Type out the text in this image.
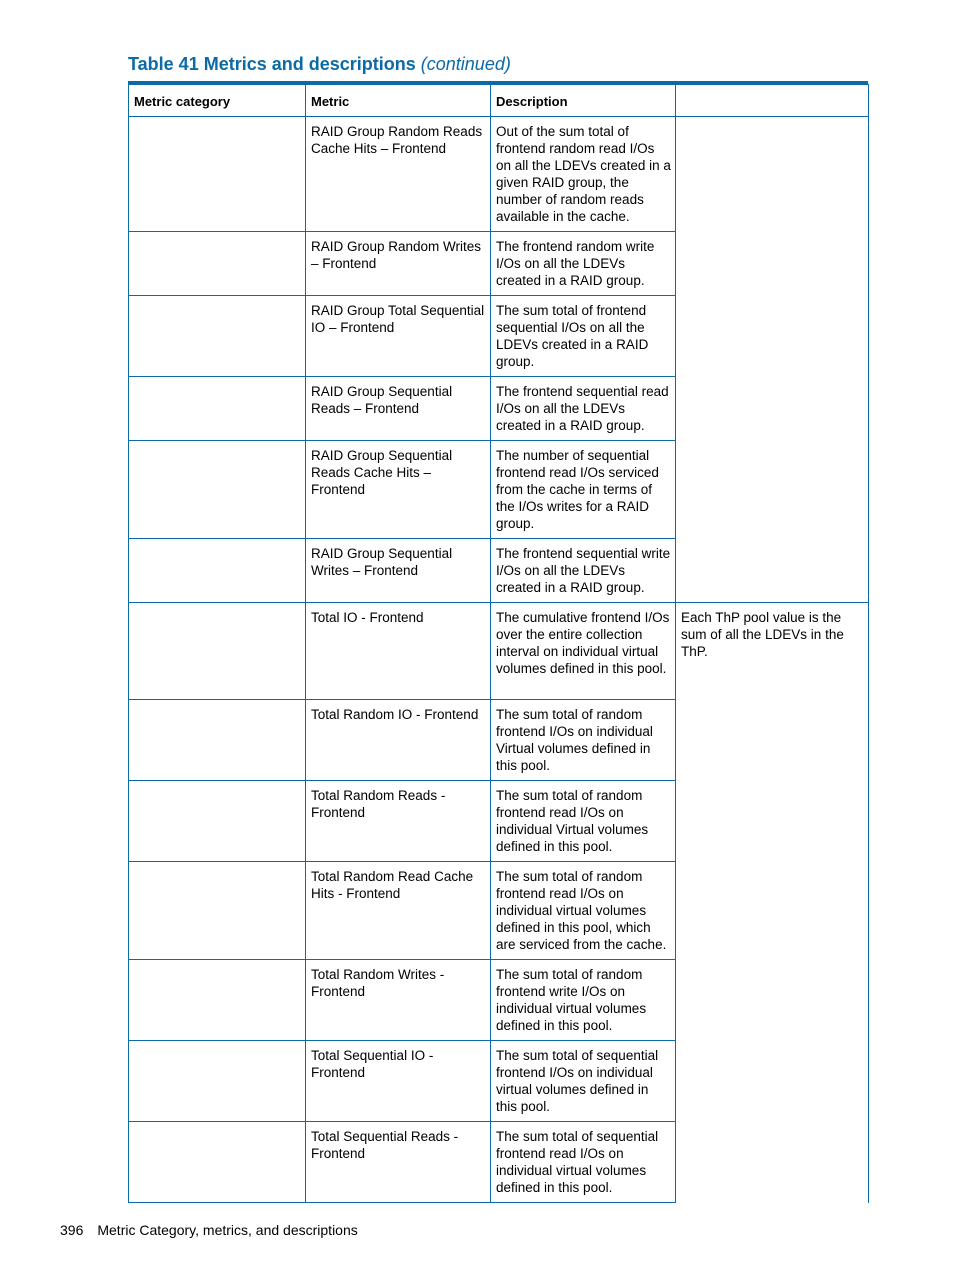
Table 41 Metrics and descriptions (continued)
Metric category	Metric	Description	

	RAID Group Random Reads Cache Hits – Frontend	Out of the sum total of frontend random read I/Os on all the LDEVs created in a given RAID group, the number of random reads available in the cache.	

	RAID Group Random Writes – Frontend	The frontend random write I/Os on all the LDEVs created in a RAID group.	

	RAID Group Total Sequential IO – Frontend	The sum total of frontend sequential I/Os on all the LDEVs created in a RAID group.	

	RAID Group Sequential Reads – Frontend	The frontend sequential read I/Os on all the LDEVs created in a RAID group.	

	RAID Group Sequential Reads Cache Hits – Frontend	The number of sequential frontend read I/Os serviced from the cache in terms of the I/Os writes for a RAID group.	

	RAID Group Sequential Writes – Frontend	The frontend sequential write I/Os on all the LDEVs created in a RAID group.	

	Total IO - Frontend	The cumulative frontend I/Os over the entire collection interval on individual virtual volumes defined in this pool.	Each ThP pool value is the sum of all the LDEVs in the ThP.

	Total Random IO - Frontend	The sum total of random frontend I/Os on individual Virtual volumes defined in this pool.	

	Total Random Reads - Frontend	The sum total of random frontend read I/Os on individual Virtual volumes defined in this pool.	

	Total Random Read Cache Hits - Frontend	The sum total of random frontend read I/Os on individual virtual volumes defined in this pool, which are serviced from the cache.	

	Total Random Writes - Frontend	The sum total of random frontend write I/Os on individual virtual volumes defined in this pool.	

	Total Sequential IO - Frontend	The sum total of sequential frontend I/Os on individual virtual volumes defined in this pool.	

	Total Sequential Reads - Frontend	The sum total of sequential frontend read I/Os on individual virtual volumes defined in this pool.	
396 Metric Category, metrics, and descriptions
